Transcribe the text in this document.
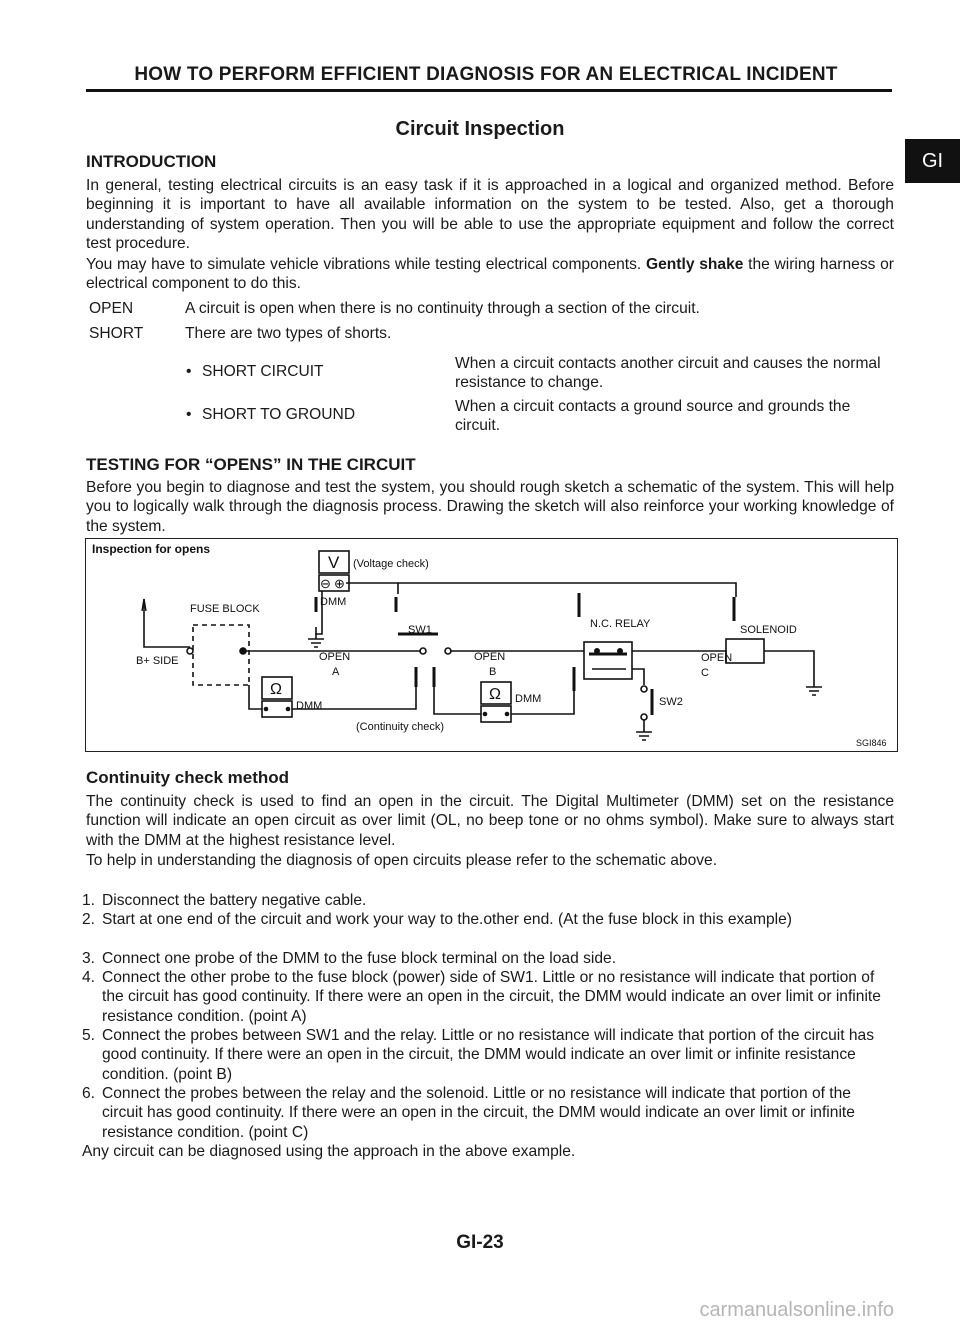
HOW TO PERFORM EFFICIENT DIAGNOSIS FOR AN ELECTRICAL INCIDENT
Circuit Inspection
GI
INTRODUCTION
In general, testing electrical circuits is an easy task if it is approached in a logical and organized method. Before beginning it is important to have all available information on the system to be tested. Also, get a thorough understanding of system operation. Then you will be able to use the appropriate equipment and follow the correct test procedure.
You may have to simulate vehicle vibrations while testing electrical components. Gently shake the wiring harness or electrical component to do this.
OPEN	A circuit is open when there is no continuity through a section of the circuit.
SHORT	There are two types of shorts.
• SHORT CIRCUIT	When a circuit contacts another circuit and causes the normal resistance to change.
• SHORT TO GROUND	When a circuit contacts a ground source and grounds the circuit.
TESTING FOR “OPENS” IN THE CIRCUIT
Before you begin to diagnose and test the system, you should rough sketch a schematic of the system. This will help you to logically walk through the diagnosis process. Drawing the sketch will also reinforce your working knowledge of the system.
Inspection for opens
V (Voltage check)
⊖ ⊕
DMM
FUSE BLOCK
B+ SIDE
SW1
OPEN
A
OPEN
B
N.C. RELAY	SOLENOID
OPEN
C
SW2
Ω
DMM
Ω DMM
(Continuity check)
SGI846
Continuity check method
The continuity check is used to find an open in the circuit. The Digital Multimeter (DMM) set on the resistance function will indicate an open circuit as over limit (OL, no beep tone or no ohms symbol). Make sure to always start with the DMM at the highest resistance level.
To help in understanding the diagnosis of open circuits please refer to the schematic above.
1. Disconnect the battery negative cable.
2. Start at one end of the circuit and work your way to the.other end. (At the fuse block in this example)
3. Connect one probe of the DMM to the fuse block terminal on the load side.
4. Connect the other probe to the fuse block (power) side of SW1. Little or no resistance will indicate that portion of the circuit has good continuity. If there were an open in the circuit, the DMM would indicate an over limit or infinite resistance condition. (point A)
5. Connect the probes between SW1 and the relay. Little or no resistance will indicate that portion of the circuit has good continuity. If there were an open in the circuit, the DMM would indicate an over limit or infinite resistance condition. (point B)
6. Connect the probes between the relay and the solenoid. Little or no resistance will indicate that portion of the circuit has good continuity. If there were an open in the circuit, the DMM would indicate an over limit or infinite resistance condition. (point C)
Any circuit can be diagnosed using the approach in the above example.
GI-23
carmanualsonline.info
